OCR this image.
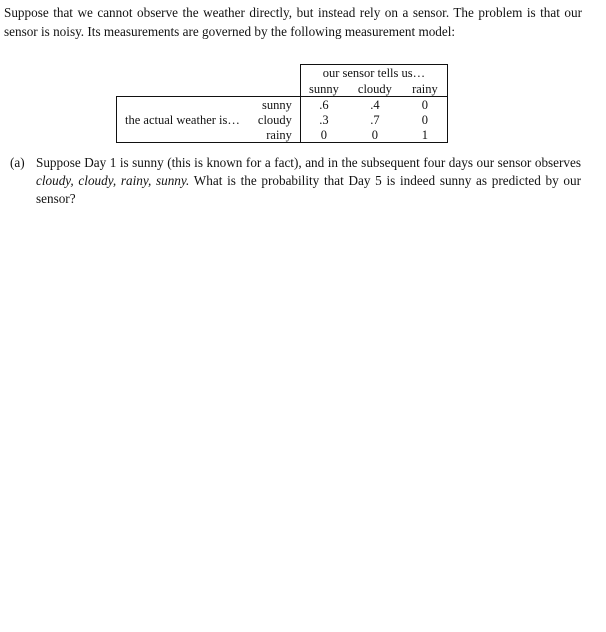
Suppose that we cannot observe the weather directly, but instead rely on a sensor. The problem is that our sensor is noisy. Its measurements are governed by the following measurement model:

		our sensor tells us…		
		sunny	cloudy	rainy
the actual weather is…	sunny	.6	.4	0
	cloudy	.3	.7	0
	rainy	0	0	1
(a) Suppose Day 1 is sunny (this is known for a fact), and in the subsequent four days our sensor observes cloudy, cloudy, rainy, sunny. What is the probability that Day 5 is indeed sunny as predicted by our sensor?
